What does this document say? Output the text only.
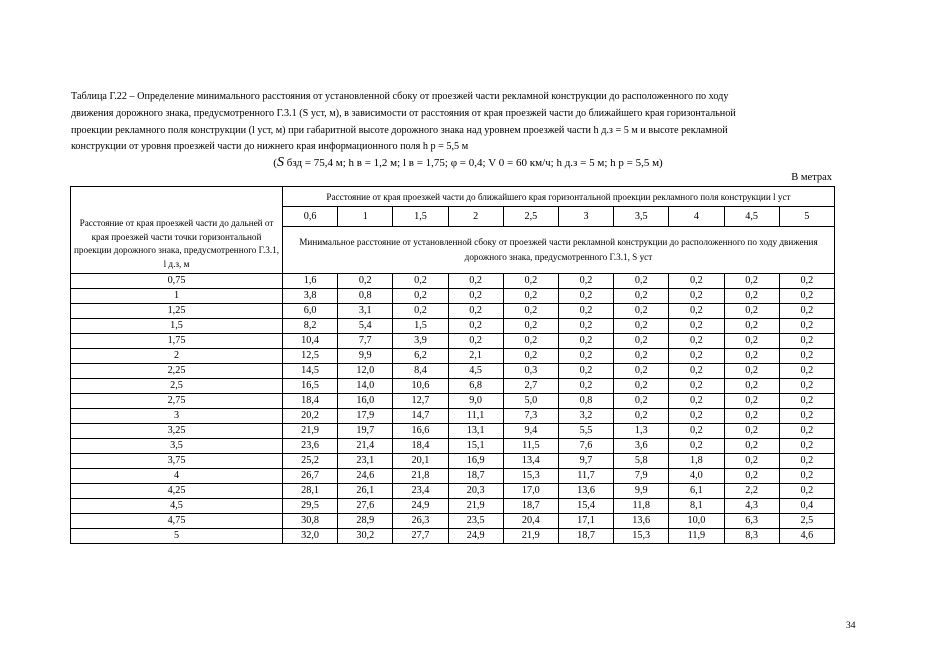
Таблица Г.22 – Определение минимального расстояния от установленной сбоку от проезжей части рекламной конструкции до расположенного по ходу
движения дорожного знака, предусмотренного Г.3.1 (S уст, м), в зависимости от расстояния от края проезжей части до ближайшего края горизонтальной
проекции рекламного поля конструкции (l уст, м) при габаритной высоте дорожного знака над уровнем проезжей части h д.з = 5 м и высоте рекламной
конструкции от уровня проезжей части до нижнего края информационного поля h р = 5,5 м
(S бзд = 75,4 м; h в = 1,2 м; l в = 1,75; φ = 0,4; V 0 = 60 км/ч; h д.з = 5 м; h р = 5,5 м)
В метрах
Расстояние от края проезжей части до дальней от края проезжей части точки горизонтальной проекции дорожного знака, предусмотренного Г.3.1, l д.з, м	Расстояние от края проезжей части до ближайшего края горизонтальной проекции рекламного поля конструкции l уст									
	0,6	1	1,5	2	2,5	3	3,5	4	4,5	5
	Минимальное расстояние от установленной сбоку от проезжей части рекламной конструкции до расположенного по ходу движения дорожного знака, предусмотренного Г.3.1, S уст									
0,75	1,6	0,2	0,2	0,2	0,2	0,2	0,2	0,2	0,2	0,2
1	3,8	0,8	0,2	0,2	0,2	0,2	0,2	0,2	0,2	0,2
1,25	6,0	3,1	0,2	0,2	0,2	0,2	0,2	0,2	0,2	0,2
1,5	8,2	5,4	1,5	0,2	0,2	0,2	0,2	0,2	0,2	0,2
1,75	10,4	7,7	3,9	0,2	0,2	0,2	0,2	0,2	0,2	0,2
2	12,5	9,9	6,2	2,1	0,2	0,2	0,2	0,2	0,2	0,2
2,25	14,5	12,0	8,4	4,5	0,3	0,2	0,2	0,2	0,2	0,2
2,5	16,5	14,0	10,6	6,8	2,7	0,2	0,2	0,2	0,2	0,2
2,75	18,4	16,0	12,7	9,0	5,0	0,8	0,2	0,2	0,2	0,2
3	20,2	17,9	14,7	11,1	7,3	3,2	0,2	0,2	0,2	0,2
3,25	21,9	19,7	16,6	13,1	9,4	5,5	1,3	0,2	0,2	0,2
3,5	23,6	21,4	18,4	15,1	11,5	7,6	3,6	0,2	0,2	0,2
3,75	25,2	23,1	20,1	16,9	13,4	9,7	5,8	1,8	0,2	0,2
4	26,7	24,6	21,8	18,7	15,3	11,7	7,9	4,0	0,2	0,2
4,25	28,1	26,1	23,4	20,3	17,0	13,6	9,9	6,1	2,2	0,2
4,5	29,5	27,6	24,9	21,9	18,7	15,4	11,8	8,1	4,3	0,4
4,75	30,8	28,9	26,3	23,5	20,4	17,1	13,6	10,0	6,3	2,5
5	32,0	30,2	27,7	24,9	21,9	18,7	15,3	11,9	8,3	4,6
34
